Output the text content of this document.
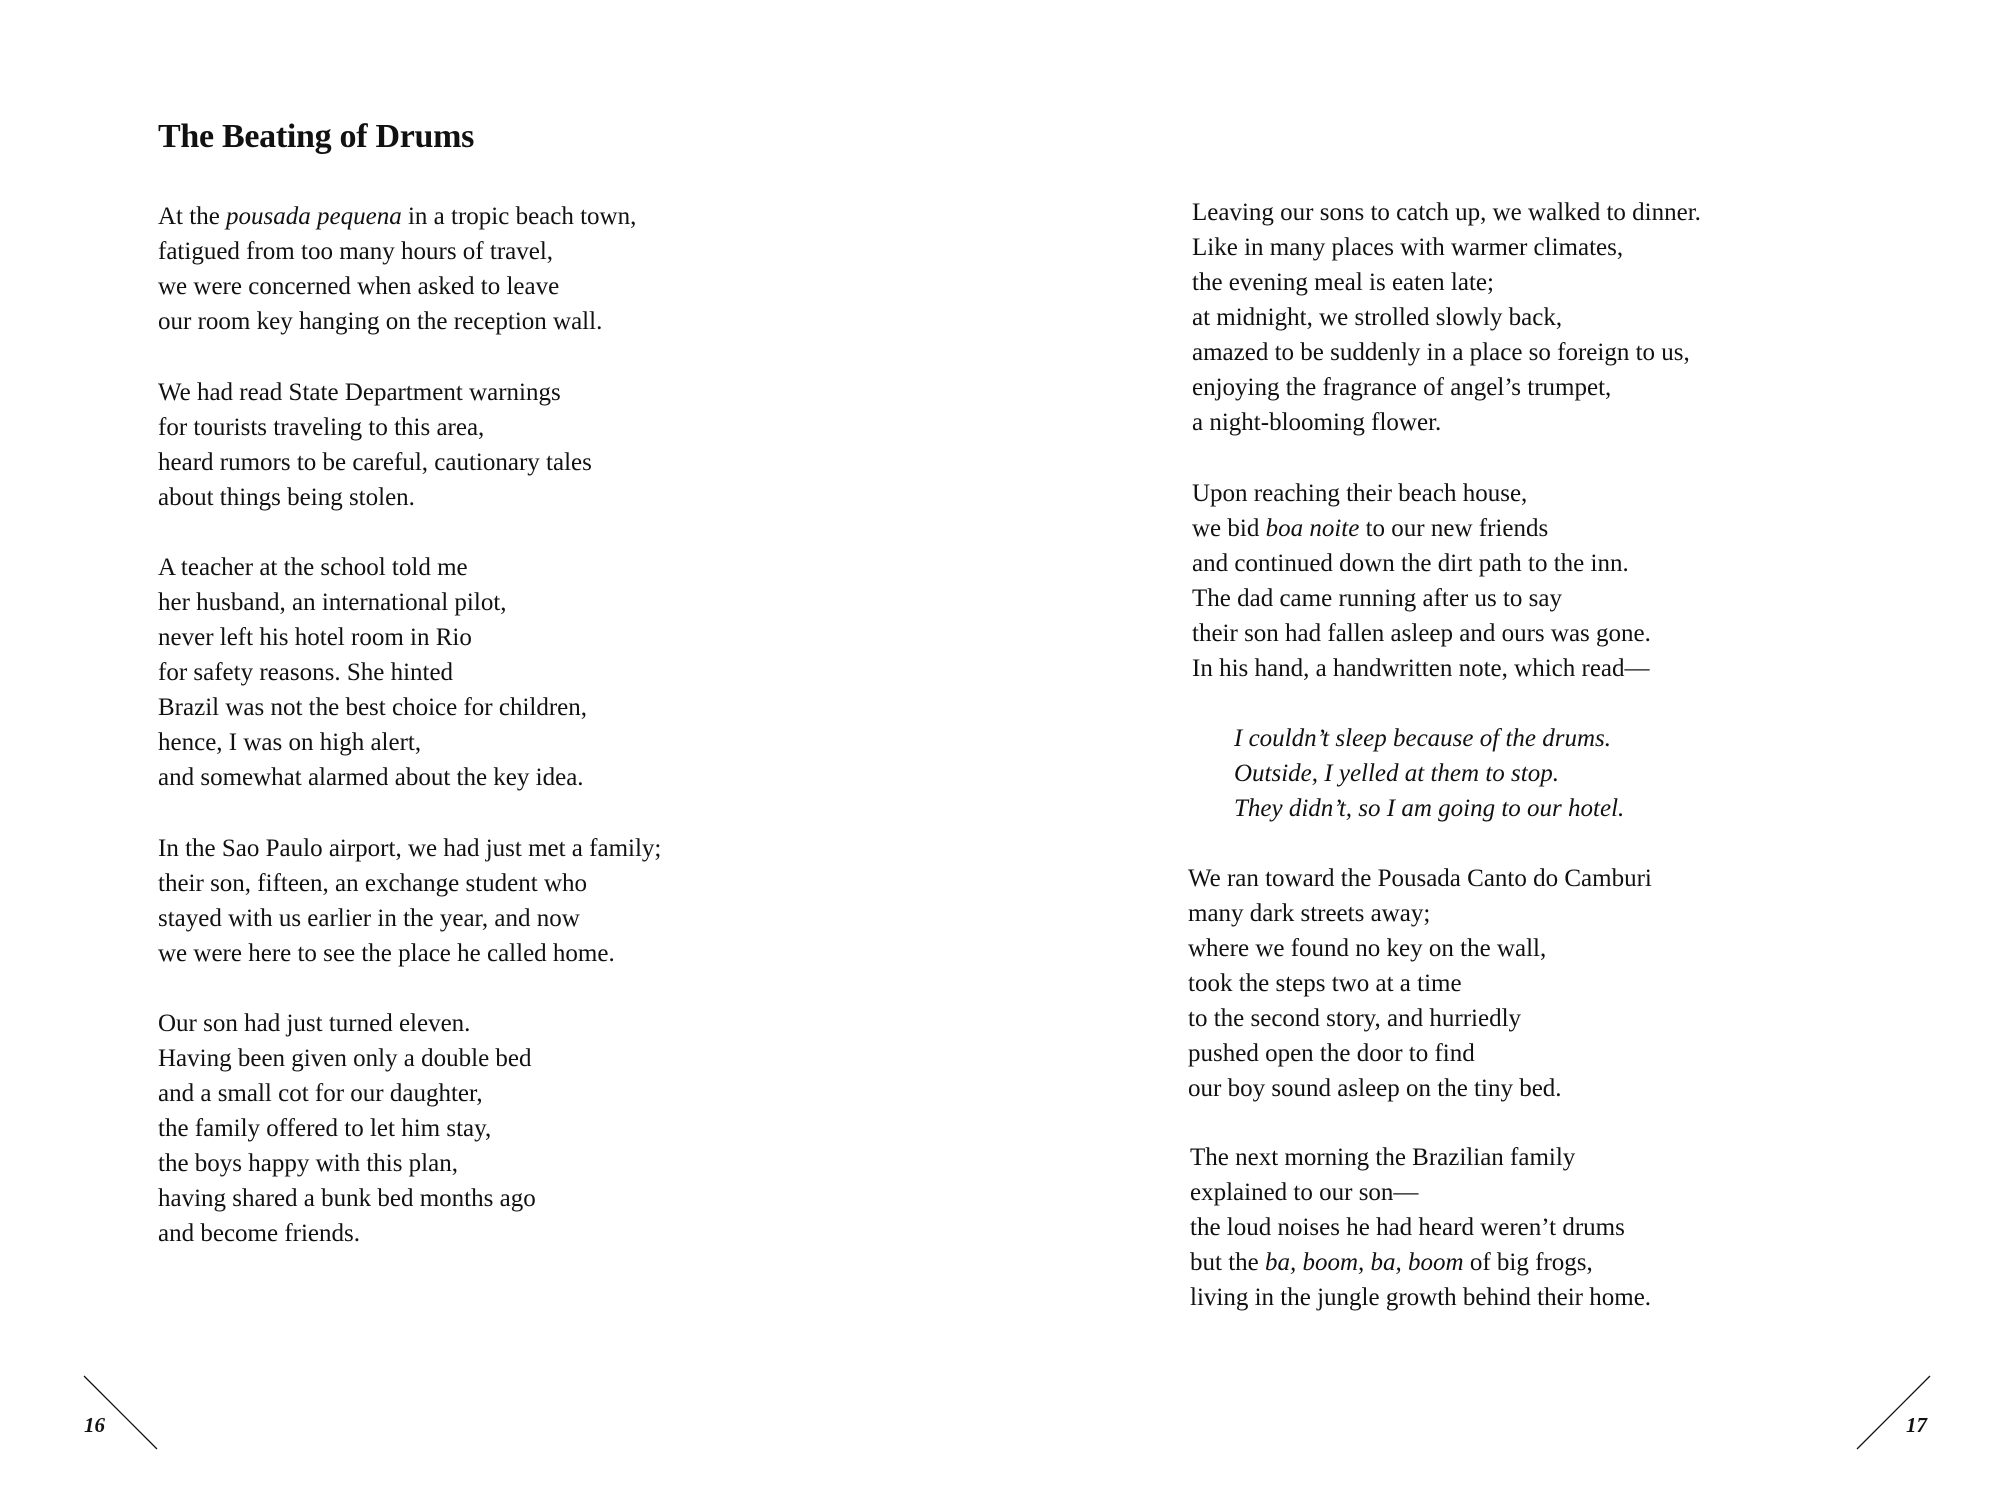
The Beating of Drums
At the pousada pequena in a tropic beach town,
fatigued from too many hours of travel,
we were concerned when asked to leave
our room key hanging on the reception wall.
We had read State Department warnings
for tourists traveling to this area,
heard rumors to be careful, cautionary tales
about things being stolen.
A teacher at the school told me
her husband, an international pilot,
never left his hotel room in Rio
for safety reasons. She hinted
Brazil was not the best choice for children,
hence, I was on high alert,
and somewhat alarmed about the key idea.
In the Sao Paulo airport, we had just met a family;
their son, fifteen, an exchange student who
stayed with us earlier in the year, and now
we were here to see the place he called home.
Our son had just turned eleven.
Having been given only a double bed
and a small cot for our daughter,
the family offered to let him stay,
the boys happy with this plan,
having shared a bunk bed months ago
and become friends.
16
Leaving our sons to catch up, we walked to dinner.
Like in many places with warmer climates,
the evening meal is eaten late;
at midnight, we strolled slowly back,
amazed to be suddenly in a place so foreign to us,
enjoying the fragrance of angel’s trumpet,
a night-blooming flower.
Upon reaching their beach house,
we bid boa noite to our new friends
and continued down the dirt path to the inn.
The dad came running after us to say
their son had fallen asleep and ours was gone.
In his hand, a handwritten note, which read—
I couldn’t sleep because of the drums.
Outside, I yelled at them to stop.
They didn’t, so I am going to our hotel.
We ran toward the Pousada Canto do Camburi
many dark streets away;
where we found no key on the wall,
took the steps two at a time
to the second story, and hurriedly
pushed open the door to find
our boy sound asleep on the tiny bed.
The next morning the Brazilian family
explained to our son—
the loud noises he had heard weren’t drums
but the ba, boom, ba, boom of big frogs,
living in the jungle growth behind their home.
17
